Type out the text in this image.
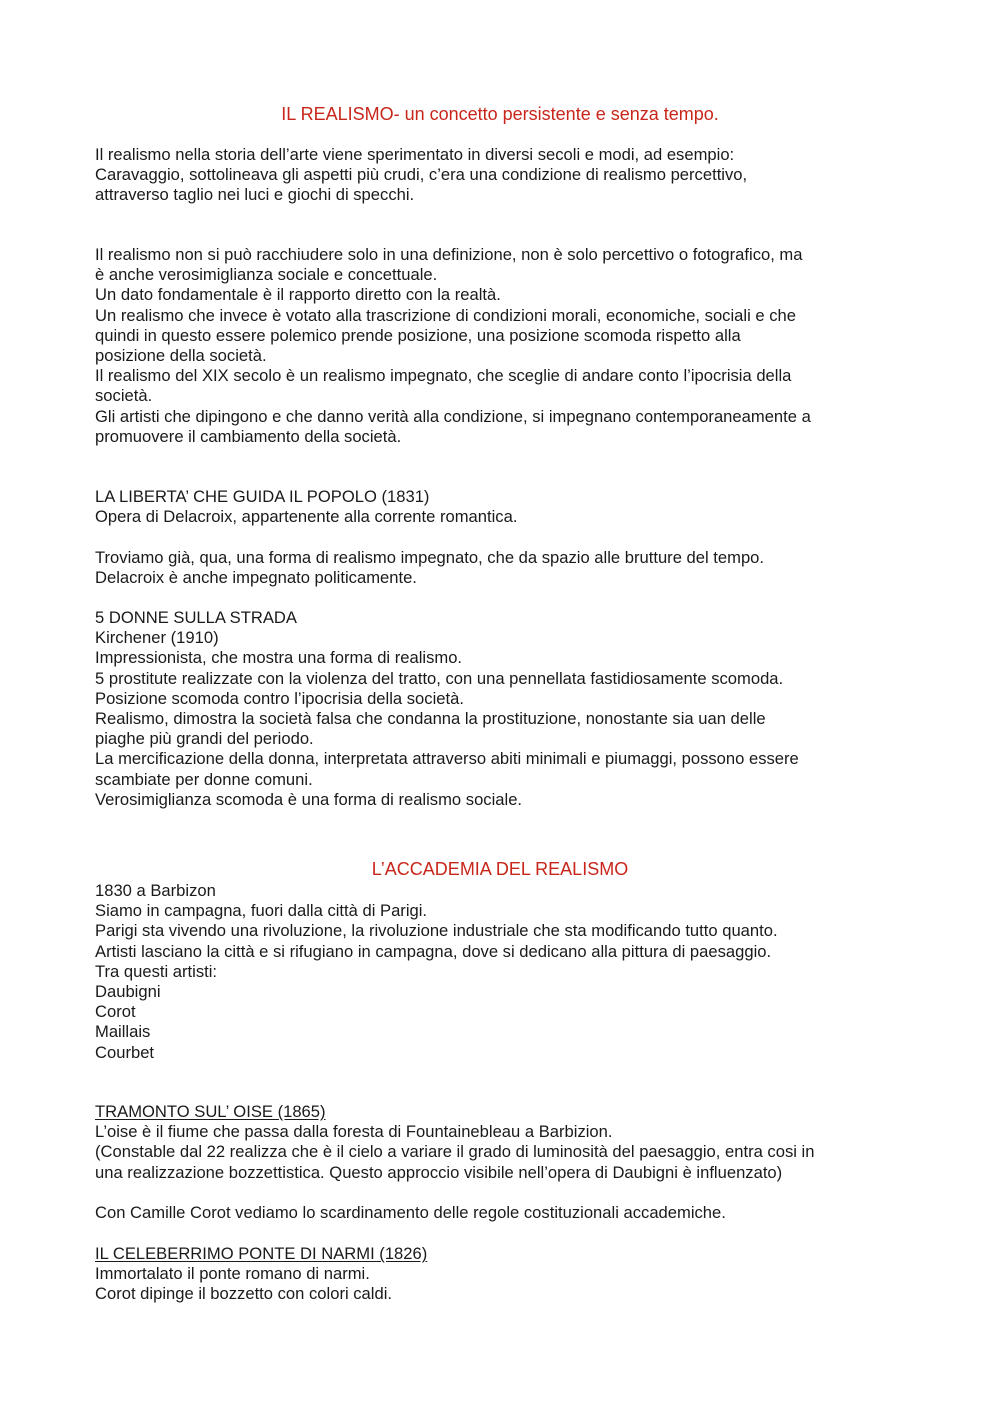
IL REALISMO- un concetto persistente e senza tempo.
Il realismo nella storia dell’arte viene sperimentato in diversi secoli e modi, ad esempio:
Caravaggio, sottolineava gli aspetti più crudi, c’era una condizione di realismo percettivo,
attraverso taglio nei luci e giochi di specchi.
Il realismo non si può racchiudere solo in una definizione, non è solo percettivo o fotografico, ma
è anche verosimiglianza sociale e concettuale.
Un dato fondamentale è il rapporto diretto con la realtà.
Un realismo che invece è votato alla trascrizione di condizioni morali, economiche, sociali e che
quindi in questo essere polemico prende posizione, una posizione scomoda rispetto alla
posizione della società.
Il realismo del XIX secolo è un realismo impegnato, che sceglie di andare conto l’ipocrisia della
società.
Gli artisti che dipingono e che danno verità alla condizione, si impegnano contemporaneamente a
promuovere il cambiamento della società.
LA LIBERTA’ CHE GUIDA IL POPOLO (1831)
Opera di Delacroix, appartenente alla corrente romantica.
Troviamo già, qua, una forma di realismo impegnato, che da spazio alle brutture del tempo.
Delacroix è anche impegnato politicamente.
5 DONNE SULLA STRADA
Kirchener (1910)
Impressionista, che mostra una forma di realismo.
5 prostitute realizzate con la violenza del tratto, con una pennellata fastidiosamente scomoda.
Posizione scomoda contro l’ipocrisia della società.
Realismo, dimostra la società falsa che condanna la prostituzione, nonostante sia uan delle
piaghe più grandi del periodo.
La mercificazione della donna, interpretata attraverso abiti minimali e piumaggi, possono essere
scambiate per donne comuni.
Verosimiglianza scomoda è una forma di realismo sociale.
L’ACCADEMIA DEL REALISMO
1830 a Barbizon
Siamo in campagna, fuori dalla città di Parigi.
Parigi sta vivendo una rivoluzione, la rivoluzione industriale che sta modificando tutto quanto.
Artisti lasciano la città e si rifugiano in campagna, dove si dedicano alla pittura di paesaggio.
Tra questi artisti:
Daubigni
Corot
Maillais
Courbet
TRAMONTO SUL’ OISE (1865)
L’oise è il fiume che passa dalla foresta di Fountainebleau a Barbizion.
(Constable dal 22 realizza che è il cielo a variare il grado di luminosità del paesaggio, entra cosi in
una realizzazione bozzettistica. Questo approccio visibile nell’opera di Daubigni è influenzato)
Con Camille Corot vediamo lo scardinamento delle regole costituzionali accademiche.
IL CELEBERRIMO PONTE DI NARMI (1826)
Immortalato il ponte romano di narmi.
Corot dipinge il bozzetto con colori caldi.
